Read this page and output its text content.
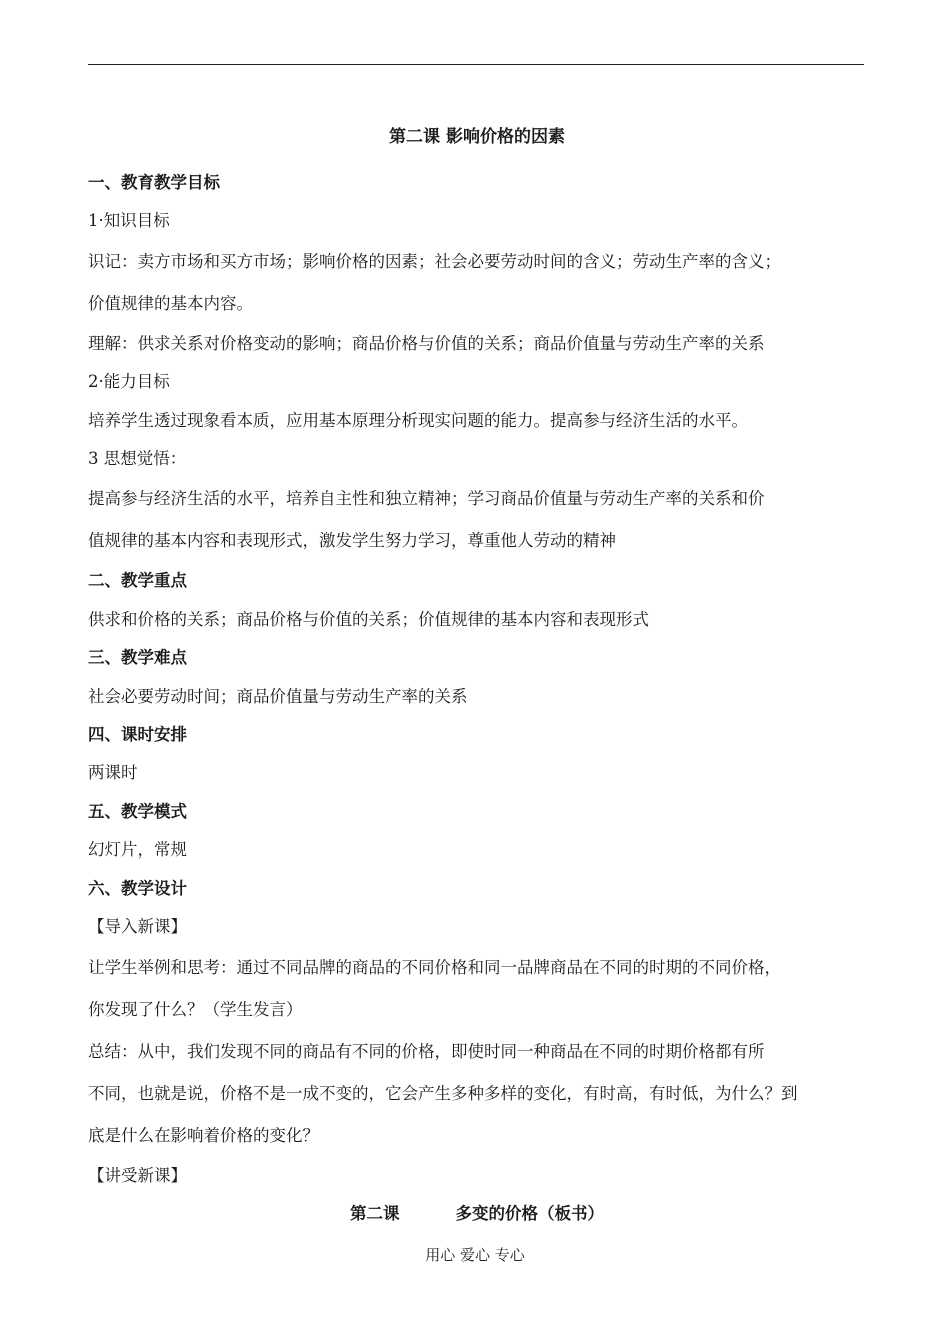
第二课 影响价格的因素
一、教育教学目标
1·知识目标
识记：卖方市场和买方市场；影响价格的因素；社会必要劳动时间的含义；劳动生产率的含义；
价值规律的基本内容。
理解：供求关系对价格变动的影响；商品价格与价值的关系；商品价值量与劳动生产率的关系
2·能力目标
培养学生透过现象看本质，应用基本原理分析现实问题的能力。提高参与经济生活的水平。
3 思想觉悟：
提高参与经济生活的水平，培养自主性和独立精神；学习商品价值量与劳动生产率的关系和价
值规律的基本内容和表现形式，激发学生努力学习，尊重他人劳动的精神
二、教学重点
供求和价格的关系；商品价格与价值的关系；价值规律的基本内容和表现形式
三、教学难点
社会必要劳动时间；商品价值量与劳动生产率的关系
四、课时安排
两课时
五、教学模式
幻灯片，常规
六、教学设计
【导入新课】
让学生举例和思考：通过不同品牌的商品的不同价格和同一品牌商品在不同的时期的不同价格，
你发现了什么？（学生发言）
总结：从中，我们发现不同的商品有不同的价格，即使时同一种商品在不同的时期价格都有所
不同，也就是说，价格不是一成不变的，它会产生多种多样的变化，有时高，有时低，为什么？到
底是什么在影响着价格的变化？
【讲受新课】
第二课	多变的价格（板书）
用心 爱心 专心
